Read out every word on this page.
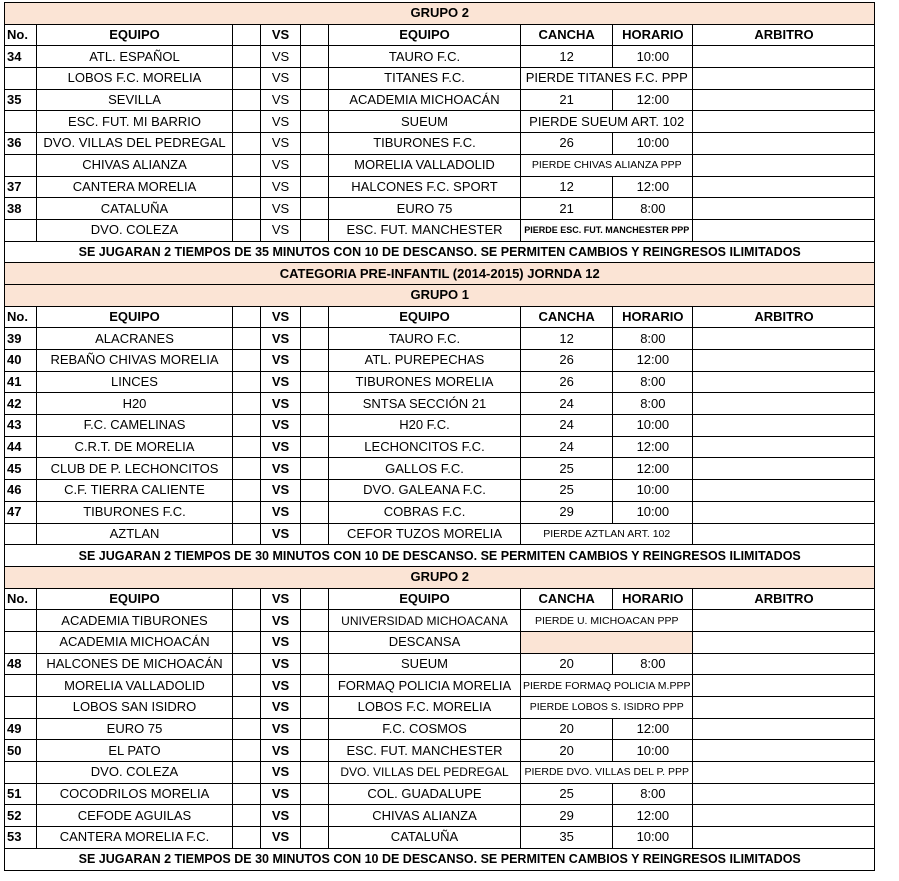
GRUPO 2								
No.	EQUIPO		VS		EQUIPO	CANCHA	HORARIO	ARBITRO
34	ATL. ESPAÑOL		VS		TAURO F.C.	12	10:00	
	LOBOS F.C. MORELIA		VS		TITANES F.C.	PIERDE TITANES F.C. PPP		
35	SEVILLA		VS		ACADEMIA MICHOACÁN	21	12:00	
	ESC. FUT. MI BARRIO		VS		SUEUM	PIERDE SUEUM ART. 102		
36	DVO. VILLAS DEL PEDREGAL		VS		TIBURONES F.C.	26	10:00	
	CHIVAS ALIANZA		VS		MORELIA VALLADOLID	PIERDE CHIVAS ALIANZA PPP		
37	CANTERA MORELIA		VS		HALCONES F.C. SPORT	12	12:00	
38	CATALUÑA		VS		EURO 75	21	8:00	
	DVO. COLEZA		VS		ESC. FUT. MANCHESTER	PIERDE ESC. FUT. MANCHESTER PPP		
SE JUGARAN 2 TIEMPOS DE 35 MINUTOS CON 10 DE DESCANSO. SE PERMITEN CAMBIOS Y REINGRESOS ILIMITADOS								
CATEGORIA PRE-INFANTIL (2014-2015) JORNDA 12								
GRUPO 1								
No.	EQUIPO		VS		EQUIPO	CANCHA	HORARIO	ARBITRO
39	ALACRANES		VS		TAURO F.C.	12	8:00	
40	REBAÑO CHIVAS MORELIA		VS		ATL. PUREPECHAS	26	12:00	
41	LINCES		VS		TIBURONES MORELIA	26	8:00	
42	H20		VS		SNTSA SECCIÓN 21	24	8:00	
43	F.C. CAMELINAS		VS		H20 F.C.	24	10:00	
44	C.R.T. DE MORELIA		VS		LECHONCITOS F.C.	24	12:00	
45	CLUB DE P. LECHONCITOS		VS		GALLOS F.C.	25	12:00	
46	C.F. TIERRA CALIENTE		VS		DVO. GALEANA F.C.	25	10:00	
47	TIBURONES F.C.		VS		COBRAS F.C.	29	10:00	
	AZTLAN		VS		CEFOR TUZOS MORELIA	PIERDE AZTLAN ART. 102		
SE JUGARAN 2 TIEMPOS DE 30 MINUTOS CON 10 DE DESCANSO. SE PERMITEN CAMBIOS Y REINGRESOS ILIMITADOS								
GRUPO 2								
No.	EQUIPO		VS		EQUIPO	CANCHA	HORARIO	ARBITRO
	ACADEMIA TIBURONES		VS		UNIVERSIDAD MICHOACANA	PIERDE U. MICHOACAN PPP		
	ACADEMIA MICHOACÁN		VS		DESCANSA			
48	HALCONES DE MICHOACÁN		VS		SUEUM	20	8:00	
	MORELIA VALLADOLID		VS		FORMAQ POLICIA MORELIA	PIERDE FORMAQ POLICIA M.PPP		
	LOBOS SAN ISIDRO		VS		LOBOS F.C. MORELIA	PIERDE LOBOS S. ISIDRO PPP		
49	EURO 75		VS		F.C. COSMOS	20	12:00	
50	EL PATO		VS		ESC. FUT. MANCHESTER	20	10:00	
	DVO. COLEZA		VS		DVO. VILLAS DEL PEDREGAL	PIERDE DVO. VILLAS DEL P. PPP		
51	COCODRILOS MORELIA		VS		COL. GUADALUPE	25	8:00	
52	CEFODE AGUILAS		VS		CHIVAS ALIANZA	29	12:00	
53	CANTERA MORELIA F.C.		VS		CATALUÑA	35	10:00	
SE JUGARAN 2 TIEMPOS DE 30 MINUTOS CON 10 DE DESCANSO. SE PERMITEN CAMBIOS Y REINGRESOS ILIMITADOS								
